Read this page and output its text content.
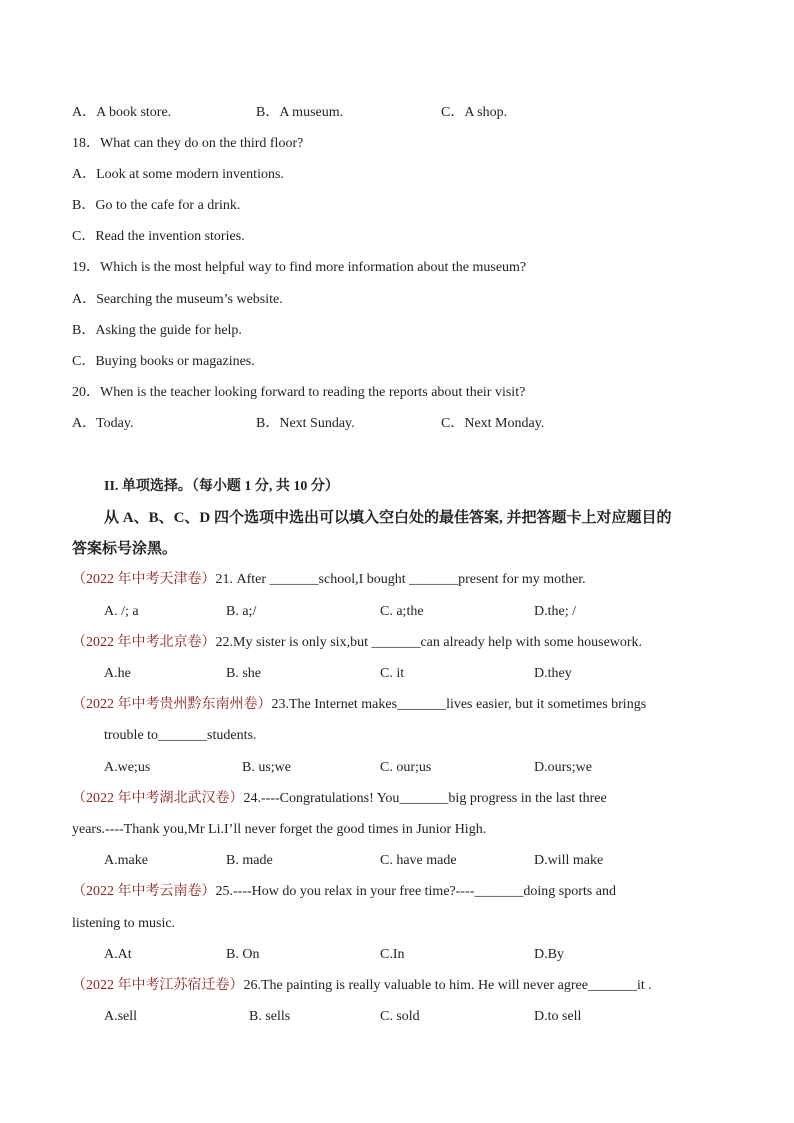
A．A book store.	B．A museum.	C．A shop.
18．What can they do on the third floor?
A．Look at some modern inventions.
B．Go to the cafe for a drink.
C．Read the invention stories.
19．Which is the most helpful way to find more information about the museum?
A．Searching the museum’s website.
B．Asking the guide for help.
C．Buying books or magazines.
20．When is the teacher looking forward to reading the reports about their visit?
A．Today.	B．Next Sunday.	C．Next Monday.
II. 单项选择。（每小题 1 分, 共 10 分）
从 A、B、C、D 四个选项中选出可以填入空白处的最佳答案, 并把答题卡上对应题目的
答案标号涂黑。
（2022 年中考天津卷）21. After _______school,I bought _______present for my mother.
A. /; a	B. a;/	C. a;the	D.the; /
（2022 年中考北京卷）22.My sister is only six,but _______can already help with some housework.
A.he	B. she	C. it	D.they
（2022 年中考贵州黔东南州卷）23.The Internet makes_______lives easier, but it sometimes brings
trouble to_______students.
A.we;us	B. us;we	C. our;us	D.ours;we
（2022 年中考湖北武汉卷）24.----Congratulations! You_______big progress in the last three
years.----Thank you,Mr Li.I’ll never forget the good times in Junior High.
A.make	B. made	C. have made	D.will make
（2022 年中考云南卷）25.----How do you relax in your free time?----_______doing sports and
listening to music.
A.At	B. On	C.In	D.By
（2022 年中考江苏宿迁卷）26.The painting is really valuable to him. He will never agree_______it .
A.sell	B. sells	C. sold	D.to sell
